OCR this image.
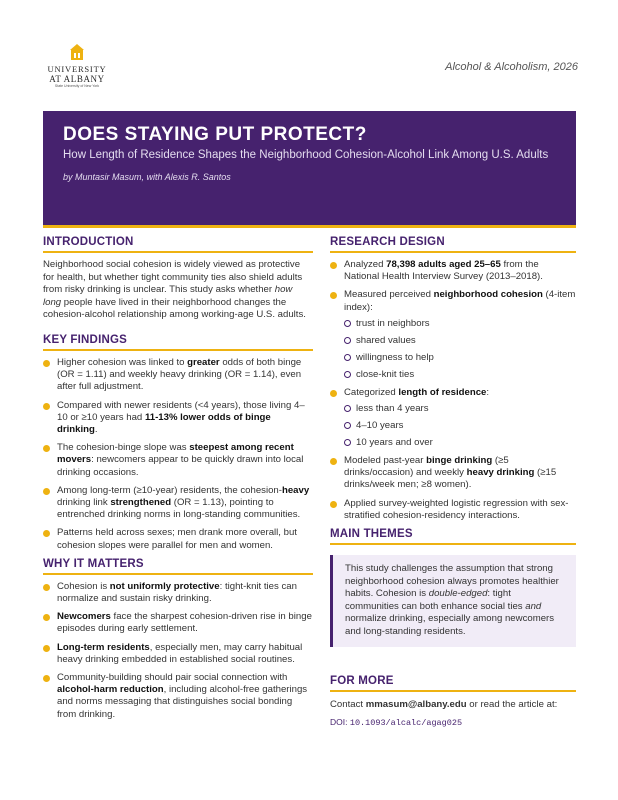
UNIVERSITY
AT ALBANY
State University of New York
Alcohol & Alcoholism, 2026
DOES STAYING PUT PROTECT?
How Length of Residence Shapes the Neighborhood Cohesion-Alcohol Link Among U.S. Adults
by Muntasir Masum, with Alexis R. Santos
INTRODUCTION

Neighborhood social cohesion is widely viewed as protective for health, but whether tight community ties also shield adults from risky drinking is unclear. This study asks whether how long people have lived in their neighborhood changes the cohesion-alcohol relationship among working-age U.S. adults.

KEY FINDINGS
Higher cohesion was linked to greater odds of both binge (OR = 1.11) and weekly heavy drinking (OR = 1.14), even after full adjustment.
Compared with newer residents (<4 years), those living 4–10 or ≥10 years had 11-13% lower odds of binge drinking.
The cohesion-binge slope was steepest among recent movers: newcomers appear to be quickly drawn into local drinking occasions.
Among long-term (≥10-year) residents, the cohesion-heavy drinking link strengthened (OR = 1.13), pointing to entrenched drinking norms in long-standing communities.
Patterns held across sexes; men drank more overall, but cohesion slopes were parallel for men and women.
WHY IT MATTERS
Cohesion is not uniformly protective: tight-knit ties can normalize and sustain risky drinking.
Newcomers face the sharpest cohesion-driven rise in binge episodes during early settlement.
Long-term residents, especially men, may carry habitual heavy drinking embedded in established social routines.
Community-building should pair social connection with alcohol-harm reduction, including alcohol-free gatherings and norms messaging that distinguishes social bonding from drinking.
RESEARCH DESIGN
Analyzed 78,398 adults aged 25–65 from the National Health Interview Survey (2013–2018).
Measured perceived neighborhood cohesion (4-item index):
trust in neighbors
shared values
willingness to help
close-knit ties
Categorized length of residence:
less than 4 years
4–10 years
10 years and over
Modeled past-year binge drinking (≥5 drinks/occasion) and weekly heavy drinking (≥15 drinks/week men; ≥8 women).
Applied survey-weighted logistic regression with sex-stratified cohesion-residency interactions.
MAIN THEMES
This study challenges the assumption that strong neighborhood cohesion always promotes healthier habits. Cohesion is double-edged: tight communities can both enhance social ties and normalize drinking, especially among newcomers and long-standing residents.
FOR MORE

Contact mmasum@albany.edu or read the article at:

DOI: 10.1093/alcalc/agag025
